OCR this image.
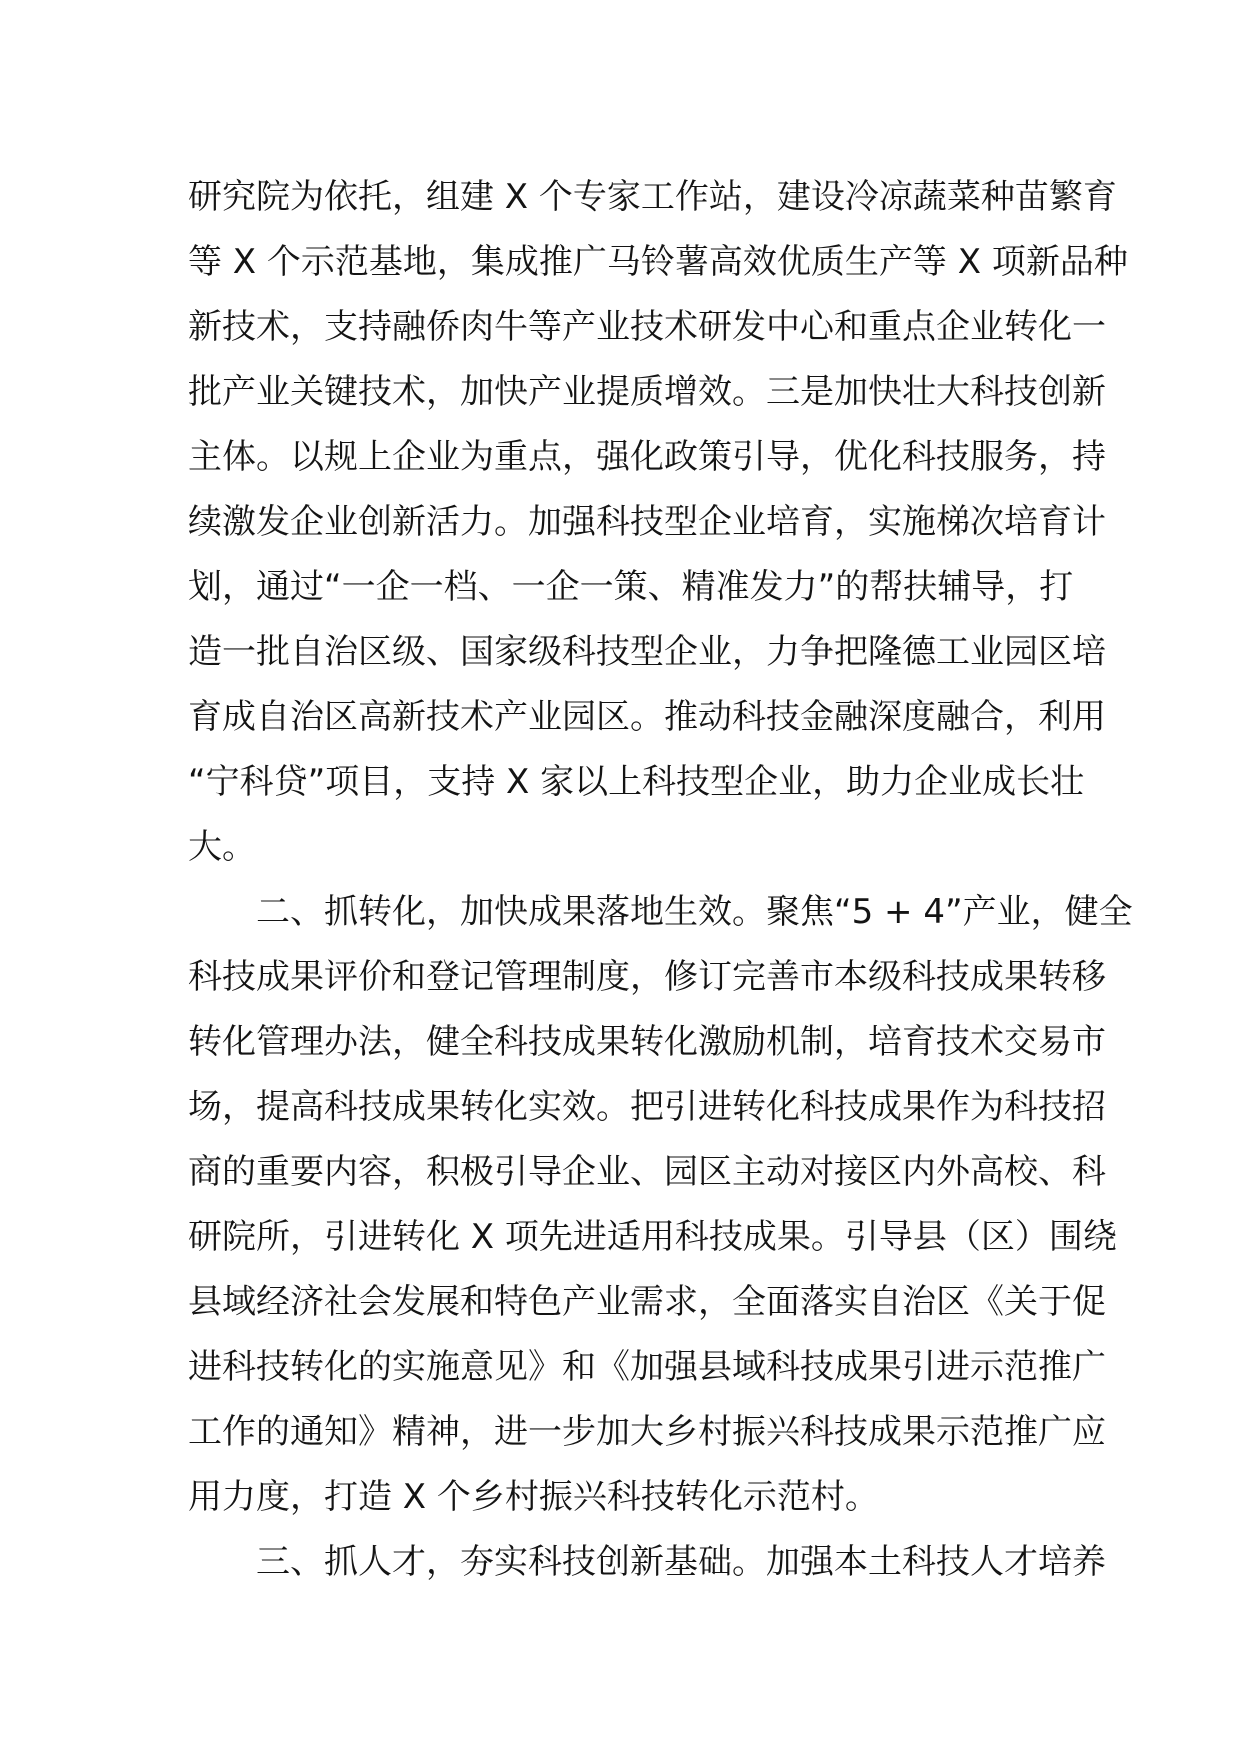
研究院为依托，组建 X 个专家工作站，建设冷凉蔬菜种苗繁育
等 X 个示范基地，集成推广马铃薯高效优质生产等 X 项新品种
新技术，支持融侨肉牛等产业技术研发中心和重点企业转化一
批产业关键技术，加快产业提质增效。三是加快壮大科技创新
主体。以规上企业为重点，强化政策引导，优化科技服务，持
续激发企业创新活力。加强科技型企业培育，实施梯次培育计
划，通过“一企一档、一企一策、精准发力”的帮扶辅导，打
造一批自治区级、国家级科技型企业，力争把隆德工业园区培
育成自治区高新技术产业园区。推动科技金融深度融合，利用
“宁科贷”项目，支持 X 家以上科技型企业，助力企业成长壮
大。
二、抓转化，加快成果落地生效。聚焦“5 + 4”产业，健全
科技成果评价和登记管理制度，修订完善市本级科技成果转移
转化管理办法，健全科技成果转化激励机制，培育技术交易市
场，提高科技成果转化实效。把引进转化科技成果作为科技招
商的重要内容，积极引导企业、园区主动对接区内外高校、科
研院所，引进转化 X 项先进适用科技成果。引导县（区）围绕
县域经济社会发展和特色产业需求，全面落实自治区《关于促
进科技转化的实施意见》和《加强县域科技成果引进示范推广
工作的通知》精神，进一步加大乡村振兴科技成果示范推广应
用力度，打造 X 个乡村振兴科技转化示范村。
三、抓人才，夯实科技创新基础。加强本土科技人才培养
